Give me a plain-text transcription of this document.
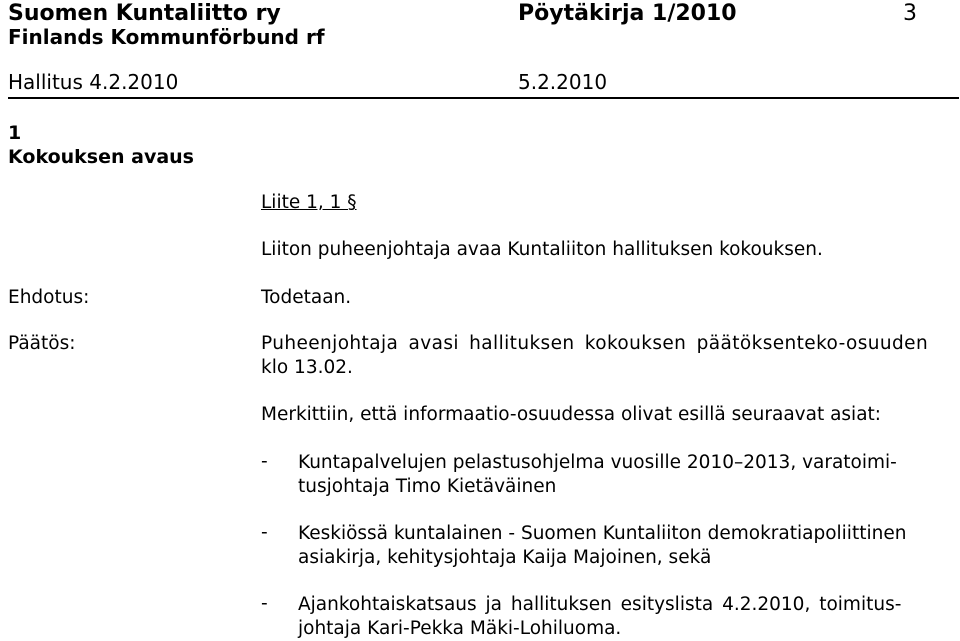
Suomen Kuntaliitto ry
Finlands Kommunförbund rf
Pöytäkirja 1/2010	3
Hallitus 4.2.2010	5.2.2010
1
Kokouksen avaus
Liite 1, 1 §
Liiton puheenjohtaja avaa Kuntaliiton hallituksen kokouksen.
Ehdotus:	Todetaan.
Päätös:	Puheenjohtaja avasi hallituksen kokouksen päätöksenteko-osuuden
klo 13.02.
Merkittiin, että informaatio-osuudessa olivat esillä seuraavat asiat:
- Kuntapalvelujen pelastusohjelma vuosille 2010–2013, varatoimi-
tusjohtaja Timo Kietäväinen
- Keskiössä kuntalainen - Suomen Kuntaliiton demokratiapoliittinen
asiakirja, kehitysjohtaja Kaija Majoinen, sekä
- Ajankohtaiskatsaus ja hallituksen esityslista 4.2.2010, toimitus-
johtaja Kari-Pekka Mäki-Lohiluoma.
